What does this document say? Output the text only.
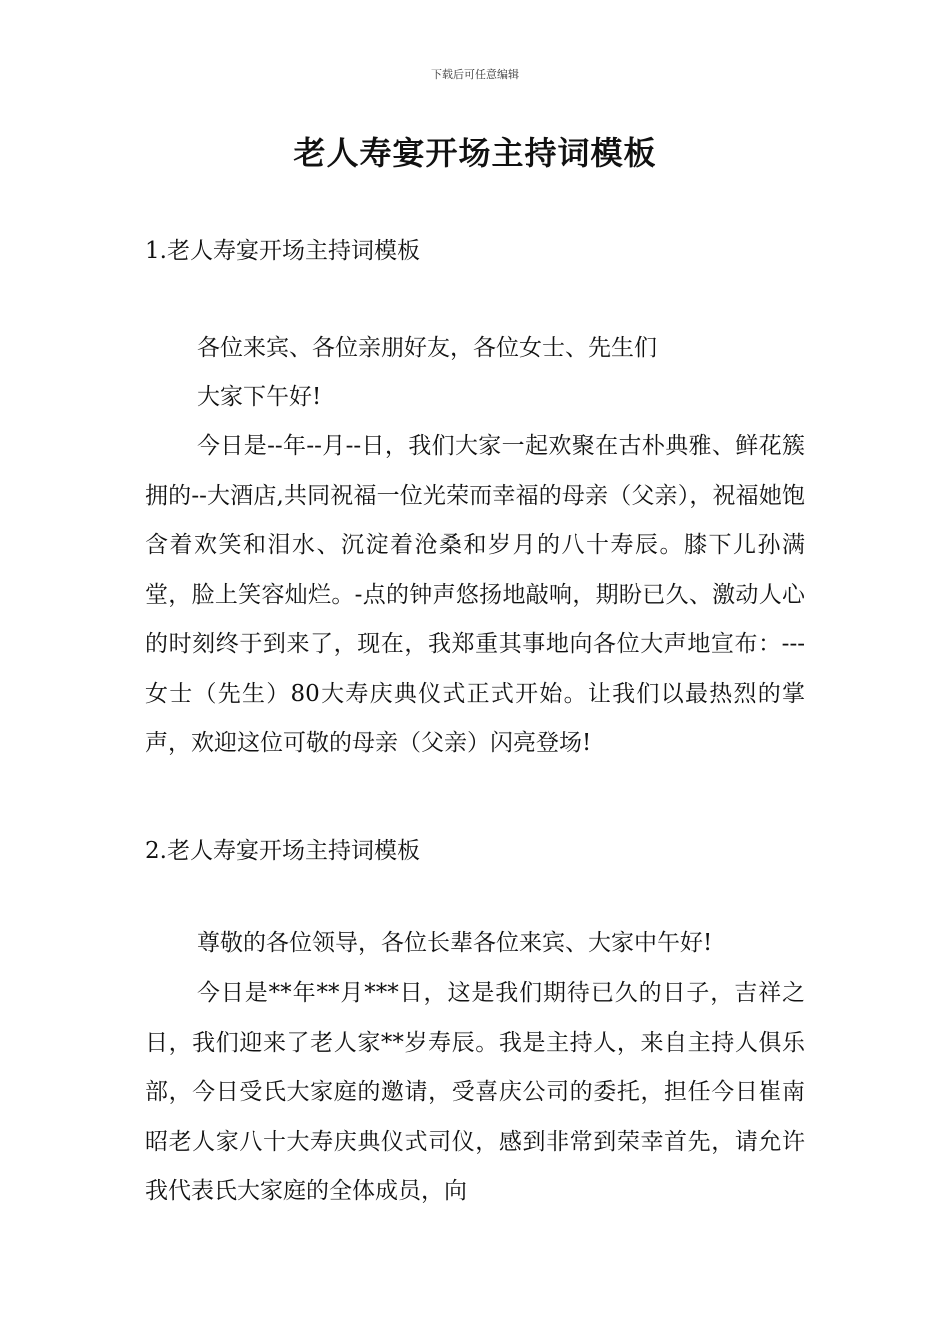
下载后可任意编辑
老人寿宴开场主持词模板
1.老人寿宴开场主持词模板

各位来宾、各位亲朋好友，各位女士、先生们

大家下午好!

今日是--年--月--日，我们大家一起欢聚在古朴典雅、鲜花簇拥的--大酒店,共同祝福一位光荣而幸福的母亲（父亲），祝福她饱含着欢笑和泪水、沉淀着沧桑和岁月的八十寿辰。膝下儿孙满堂，脸上笑容灿烂。-点的钟声悠扬地敲响，期盼已久、激动人心的时刻终于到来了，现在，我郑重其事地向各位大声地宣布：---女士（先生）80大寿庆典仪式正式开始。让我们以最热烈的掌声，欢迎这位可敬的母亲（父亲）闪亮登场!

2.老人寿宴开场主持词模板

尊敬的各位领导，各位长辈各位来宾、大家中午好!

今日是**年**月***日，这是我们期待已久的日子，吉祥之日，我们迎来了老人家**岁寿辰。我是主持人，来自主持人俱乐部，今日受氏大家庭的邀请，受喜庆公司的委托，担任今日崔南昭老人家八十大寿庆典仪式司仪，感到非常到荣幸首先，请允许我代表氏大家庭的全体成员，向
